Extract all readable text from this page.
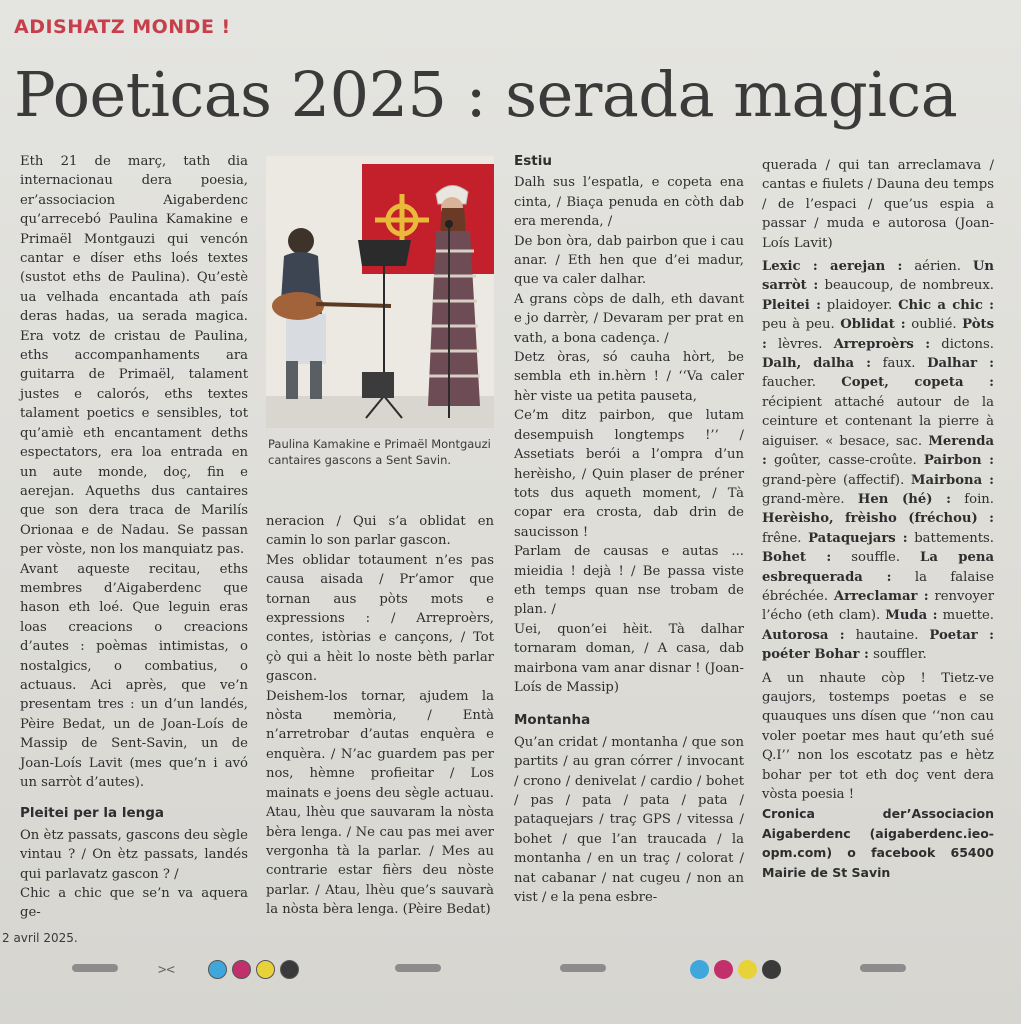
ADISHATZ MONDE !
Poeticas 2025 : serada magica

Eth 21 de març, tath dia internacionau dera poesia, er’associacion Aigaberdenc qu’arrecebó Paulina Kamakine e Primaël Montgauzi qui vencón cantar e díser eths loés textes (sustot eths de Paulina). Qu’estè ua velhada encantada ath país deras hadas, ua serada magica. Era votz de cristau de Paulina, eths accompanhaments ara guitarra de Primaël, talament justes e calorós, eths textes talament poetics e sensibles, tot qu’amiè eth encantament deths espectators, era loa entrada en un aute monde, doç, fin e aerejan. Aqueths dus cantaires que son dera traca de Marilís Orionaa e de Nadau. Se passan per vòste, non los manquiatz pas.

Avant aqueste recitau, eths membres d’Aigaberdenc que hason eth loé. Que leguin eras loas creacions o creacions d’autes : poèmas intimistas, o nostalgics, o combatius, o actuaus. Aci après, que ve’n presentam tres : un d’un landés, Pèire Bedat, un de Joan-Loís de Massip de Sent-Savin, un de Joan-Loís Lavit (mes que’n i avó un sarròt d’autes).

Pleitei per la lenga

On ètz passats, gascons deu sègle vintau ? / On ètz passats, landés qui parlavatz gascon ? /

Chic a chic que se’n va aquera ge-

Paulina Kamakine e Primaël Montgauzi cantaires gascons a Sent Savin.

neracion / Qui s’a oblidat en camin lo son parlar gascon.

Mes oblidar totaument n’es pas causa aisada / Pr’amor que tornan aus pòts mots e expressions : / Arreproèrs, contes, istòrias e cançons, / Tot çò qui a hèit lo noste bèth parlar gascon.

Deishem-los tornar, ajudem la nòsta memòria, / Entà n’arretrobar d’autas enquèra e enquèra. / N’ac guardem pas per nos, hèmne profieitar / Los mainats e joens deu sègle actuau. Atau, lhèu que sauvaram la nòsta bèra lenga. / Ne cau pas mei aver vergonha tà la parlar. / Mes au contrarie estar fièrs deu nòste parlar. / Atau, lhèu que’s sauvarà la nòsta bèra lenga. (Pèire Bedat)

Estiu

Dalh sus l’espatla, e copeta ena cinta, / Biaça penuda en còth dab era merenda, /

De bon òra, dab pairbon que i cau anar. / Eth hen que d’ei madur, que va caler dalhar.

A grans còps de dalh, eth davant e jo darrèr, / Devaram per prat en vath, a bona cadença. /

Detz òras, só cauha hòrt, be sembla eth in.hèrn ! / ‘‘Va caler hèr viste ua petita pauseta,

Ce’m ditz pairbon, que lutam desempuish longtemps !’’ / Assetiats berói a l’ompra d’un herèisho, / Quin plaser de préner tots dus aqueth moment, / Tà copar era crosta, dab drin de saucisson !

Parlam de causas e autas ... mieidia ! dejà ! / Be passa viste eth temps quan nse trobam de plan. /

Uei, quon’ei hèit. Tà dalhar tornaram doman, / A casa, dab mairbona vam anar disnar ! (Joan-Loís de Massip)

Montanha

Qu’an cridat / montanha / que son partits / au gran córrer / invocant / crono / denivelat / cardio / bohet / pas / pata / pata / pata / pataquejars / traç GPS / vitessa / bohet / que l’an traucada / la montanha / en un traç / colorat / nat cabanar / nat cugeu / non an vist / e la pena esbre-

querada / qui tan arreclamava / cantas e fiulets / Dauna deu temps / de l’espaci / que’us espia a passar / muda e autorosa (Joan-Loís Lavit)

Lexic : aerejan : aérien. Un sarròt : beaucoup, de nombreux. Pleitei : plaidoyer. Chic a chic : peu à peu. Oblidat : oublié. Pòts : lèvres. Arreproèrs : dictons. Dalh, dalha : faux. Dalhar : faucher. Copet, copeta : récipient attaché autour de la ceinture et contenant la pierre à aiguiser. « besace, sac. Merenda : goûter, casse-croûte. Pairbon : grand-père (affectif). Mairbona : grand-mère. Hen (hé) : foin. Herèisho, frèisho (fréchou) : frêne. Pataquejars : battements. Bohet : souffle. La pena esbrequerada : la falaise ébréchée. Arreclamar : renvoyer l’écho (eth clam). Muda : muette. Autorosa : hautaine. Poetar : poéter Bohar : souffler.

A un nhaute còp ! Tietz-ve gaujors, tostemps poetas e se quauques uns dísen que ‘‘non cau voler poetar mes haut qu’eth sué Q.I’’ non los escotatz pas e hètz bohar per tot eth doç vent dera vòsta poesia !

Cronica der’Associacion Aigaberdenc (aigaberdenc.ieo-opm.com) o facebook 65400 Mairie de St Savin

2 avril 2025.
><
